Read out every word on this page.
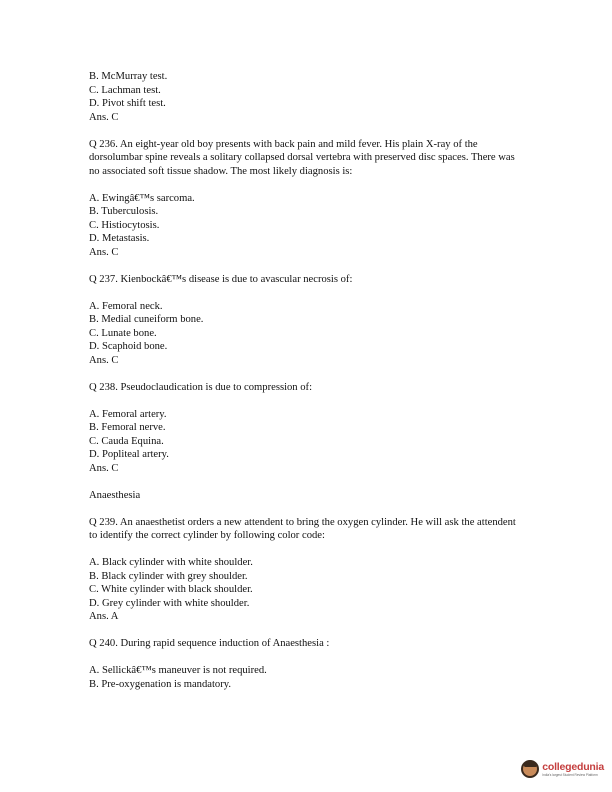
B. McMurray test.
C. Lachman test.
D. Pivot shift test.
Ans. C

Q 236. An eight-year old boy presents with back pain and mild fever. His plain X-ray of the dorsolumbar spine reveals a solitary collapsed dorsal vertebra with preserved disc spaces. There was no associated soft tissue shadow. The most likely diagnosis is:

A. Ewingâ€™s sarcoma.
B. Tuberculosis.
C. Histiocytosis.
D. Metastasis.
Ans. C

Q 237. Kienbockâ€™s disease is due to avascular necrosis of:

A. Femoral neck.
B. Medial cuneiform bone.
C. Lunate bone.
D. Scaphoid bone.
Ans. C

Q 238. Pseudoclaudication is due to compression of:

A. Femoral artery.
B. Femoral nerve.
C. Cauda Equina.
D. Popliteal artery.
Ans. C
Anaesthesia

Q 239. An anaesthetist orders a new attendent to bring the oxygen cylinder. He will ask the attendent to identify the correct cylinder by following color code:

A. Black cylinder with white shoulder.
B. Black cylinder with grey shoulder.
C. White cylinder with black shoulder.
D. Grey cylinder with white shoulder.
Ans. A

Q 240. During rapid sequence induction of Anaesthesia :

A. Sellickâ€™s maneuver is not required.
B. Pre-oxygenation is mandatory.
collegedunia
India's largest Student Review Platform
